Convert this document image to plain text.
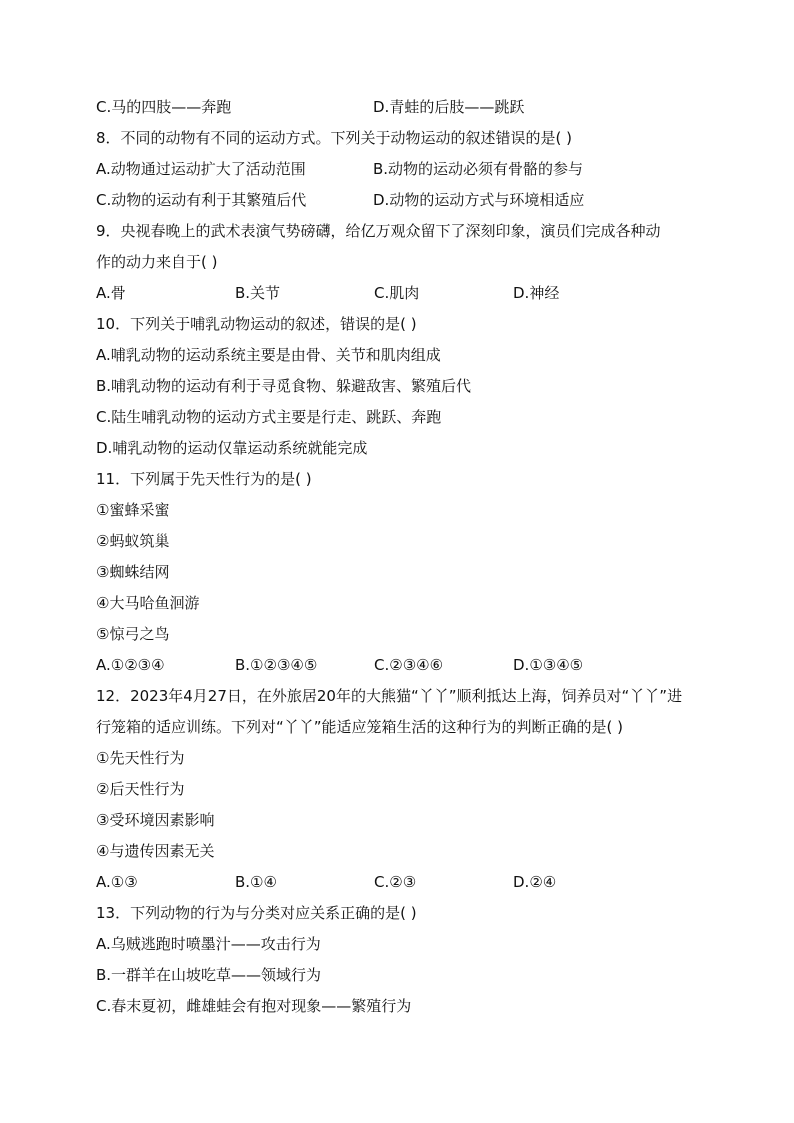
C.马的四肢——奔跑	D.青蛙的后肢——跳跃
8．不同的动物有不同的运动方式。下列关于动物运动的叙述错误的是( )
A.动物通过运动扩大了活动范围	B.动物的运动必须有骨骼的参与
C.动物的运动有利于其繁殖后代	D.动物的运动方式与环境相适应
9．央视春晚上的武术表演气势磅礴，给亿万观众留下了深刻印象，演员们完成各种动
作的动力来自于( )
A.骨	B.关节	C.肌肉	D.神经
10．下列关于哺乳动物运动的叙述，错误的是( )
A.哺乳动物的运动系统主要是由骨、关节和肌肉组成
B.哺乳动物的运动有利于寻觅食物、躲避敌害、繁殖后代
C.陆生哺乳动物的运动方式主要是行走、跳跃、奔跑
D.哺乳动物的运动仅靠运动系统就能完成
11．下列属于先天性行为的是( )
①蜜蜂采蜜
②蚂蚁筑巢
③蜘蛛结网
④大马哈鱼洄游
⑤惊弓之鸟
A.①②③④	B.①②③④⑤	C.②③④⑥	D.①③④⑤
12．2023年4月27日，在外旅居20年的大熊猫“丫丫”顺利抵达上海，饲养员对“丫丫”进
行笼箱的适应训练。下列对“丫丫”能适应笼箱生活的这种行为的判断正确的是( )
①先天性行为
②后天性行为
③受环境因素影响
④与遗传因素无关
A.①③	B.①④	C.②③	D.②④
13．下列动物的行为与分类对应关系正确的是( )
A.乌贼逃跑时喷墨汁——攻击行为
B.一群羊在山坡吃草——领域行为
C.春末夏初，雌雄蛙会有抱对现象——繁殖行为
